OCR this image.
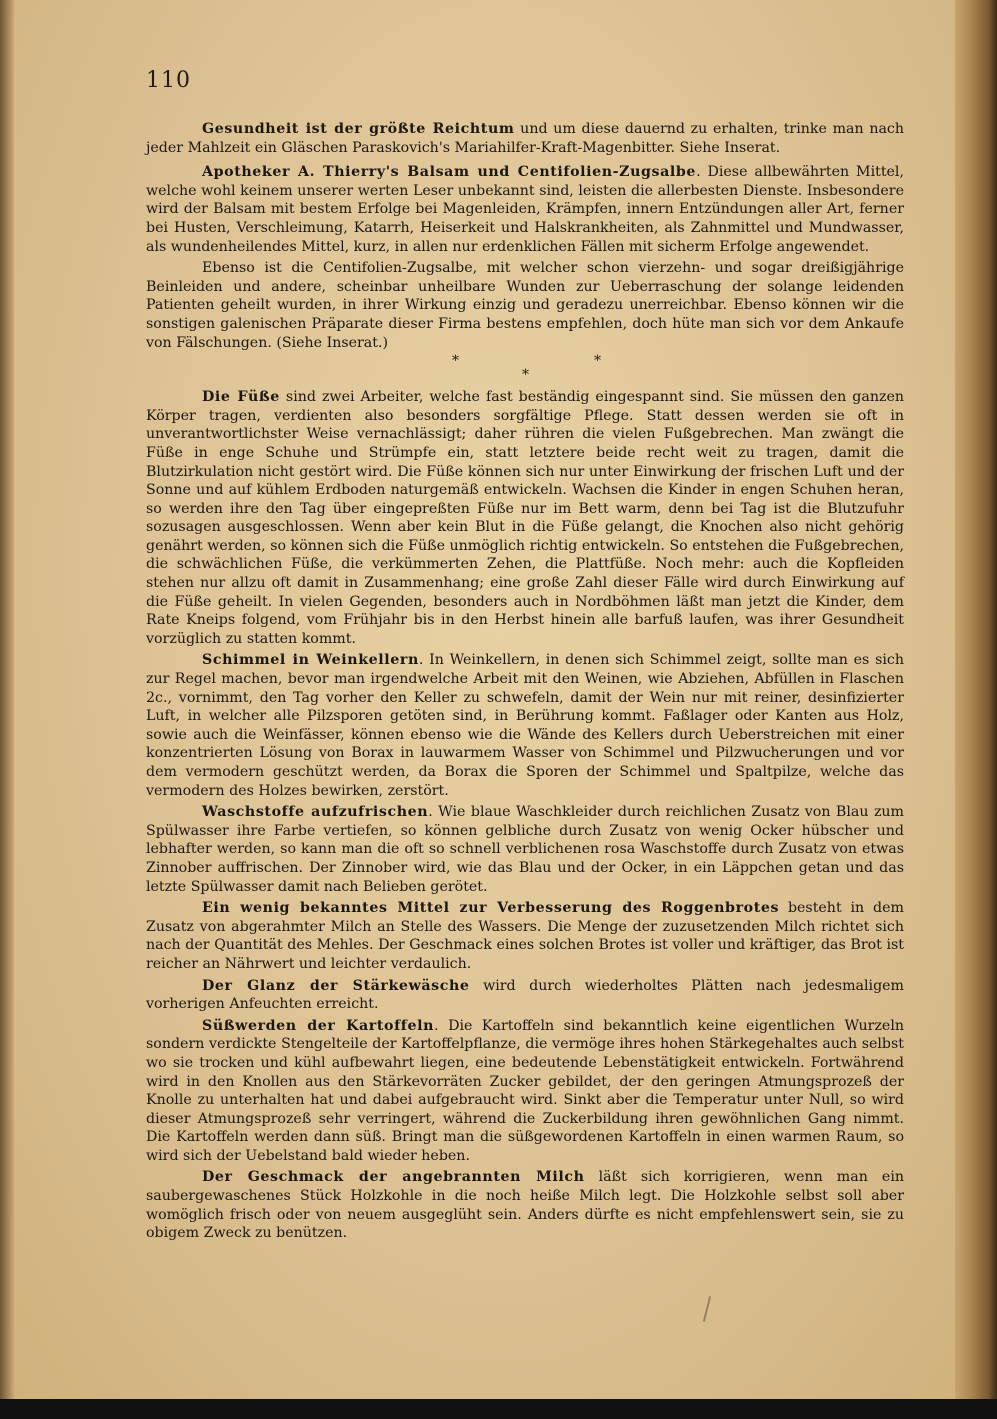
110

Gesundheit ist der größte Reichtum und um diese dauernd zu erhalten, trinke man nach jeder Mahlzeit ein Gläschen Paraskovich's Mariahilfer-Kraft-Magenbitter. Siehe Inserat.

Apotheker A. Thierry's Balsam und Centifolien-Zugsalbe. Diese allbewährten Mittel, welche wohl keinem unserer werten Leser unbekannt sind, leisten die allerbesten Dienste. Insbesondere wird der Balsam mit bestem Erfolge bei Magenleiden, Krämpfen, innern Entzündungen aller Art, ferner bei Husten, Verschleimung, Katarrh, Heiserkeit und Halskrankheiten, als Zahnmittel und Mundwasser, als wundenheilendes Mittel, kurz, in allen nur erdenklichen Fällen mit sicherm Erfolge angewendet.

Ebenso ist die Centifolien-Zugsalbe, mit welcher schon vierzehn- und sogar dreißigjährige Beinleiden und andere, scheinbar unheilbare Wunden zur Ueberraschung der solange leidenden Patienten geheilt wurden, in ihrer Wirkung einzig und geradezu unerreichbar. Ebenso können wir die sonstigen galenischen Präparate dieser Firma bestens empfehlen, doch hüte man sich vor dem Ankaufe von Fälschungen. (Siehe Inserat.)

*	*
*

Die Füße sind zwei Arbeiter, welche fast beständig eingespannt sind. Sie müssen den ganzen Körper tragen, verdienten also besonders sorgfältige Pflege. Statt dessen werden sie oft in unverantwortlichster Weise vernachlässigt; daher rühren die vielen Fußgebrechen. Man zwängt die Füße in enge Schuhe und Strümpfe ein, statt letztere beide recht weit zu tragen, damit die Blutzirkulation nicht gestört wird. Die Füße können sich nur unter Einwirkung der frischen Luft und der Sonne und auf kühlem Erdboden naturgemäß entwickeln. Wachsen die Kinder in engen Schuhen heran, so werden ihre den Tag über eingepreßten Füße nur im Bett warm, denn bei Tag ist die Blutzufuhr sozusagen ausgeschlossen. Wenn aber kein Blut in die Füße gelangt, die Knochen also nicht gehörig genährt werden, so können sich die Füße unmöglich richtig entwickeln. So entstehen die Fußgebrechen, die schwächlichen Füße, die verkümmerten Zehen, die Plattfüße. Noch mehr: auch die Kopfleiden stehen nur allzu oft damit in Zusammenhang; eine große Zahl dieser Fälle wird durch Einwirkung auf die Füße geheilt. In vielen Gegenden, besonders auch in Nordböhmen läßt man jetzt die Kinder, dem Rate Kneips folgend, vom Frühjahr bis in den Herbst hinein alle barfuß laufen, was ihrer Gesundheit vorzüglich zu statten kommt.

Schimmel in Weinkellern. In Weinkellern, in denen sich Schimmel zeigt, sollte man es sich zur Regel machen, bevor man irgendwelche Arbeit mit den Weinen, wie Abziehen, Abfüllen in Flaschen 2c., vornimmt, den Tag vorher den Keller zu schwefeln, damit der Wein nur mit reiner, desinfizierter Luft, in welcher alle Pilzsporen getöten sind, in Berührung kommt. Faßlager oder Kanten aus Holz, sowie auch die Weinfässer, können ebenso wie die Wände des Kellers durch Ueberstreichen mit einer konzentrierten Lösung von Borax in lauwarmem Wasser von Schimmel und Pilzwucherungen und vor dem vermodern geschützt werden, da Borax die Sporen der Schimmel und Spaltpilze, welche das vermodern des Holzes bewirken, zerstört.

Waschstoffe aufzufrischen. Wie blaue Waschkleider durch reichlichen Zusatz von Blau zum Spülwasser ihre Farbe vertiefen, so können gelbliche durch Zusatz von wenig Ocker hübscher und lebhafter werden, so kann man die oft so schnell verblichenen rosa Waschstoffe durch Zusatz von etwas Zinnober auffrischen. Der Zinnober wird, wie das Blau und der Ocker, in ein Läppchen getan und das letzte Spülwasser damit nach Belieben gerötet.

Ein wenig bekanntes Mittel zur Verbesserung des Roggenbrotes besteht in dem Zusatz von abgerahmter Milch an Stelle des Wassers. Die Menge der zuzusetzenden Milch richtet sich nach der Quantität des Mehles. Der Geschmack eines solchen Brotes ist voller und kräftiger, das Brot ist reicher an Nährwert und leichter verdaulich.

Der Glanz der Stärkewäsche wird durch wiederholtes Plätten nach jedesmaligem vorherigen Anfeuchten erreicht.

Süßwerden der Kartoffeln. Die Kartoffeln sind bekanntlich keine eigentlichen Wurzeln sondern verdickte Stengelteile der Kartoffelpflanze, die vermöge ihres hohen Stärkegehaltes auch selbst wo sie trocken und kühl aufbewahrt liegen, eine bedeutende Lebenstätigkeit entwickeln. Fortwährend wird in den Knollen aus den Stärkevorräten Zucker gebildet, der den geringen Atmungsprozeß der Knolle zu unterhalten hat und dabei aufgebraucht wird. Sinkt aber die Temperatur unter Null, so wird dieser Atmungsprozeß sehr verringert, während die Zuckerbildung ihren gewöhnlichen Gang nimmt. Die Kartoffeln werden dann süß. Bringt man die süßgewordenen Kartoffeln in einen warmen Raum, so wird sich der Uebelstand bald wieder heben.

Der Geschmack der angebrannten Milch läßt sich korrigieren, wenn man ein saubergewaschenes Stück Holzkohle in die noch heiße Milch legt. Die Holzkohle selbst soll aber womöglich frisch oder von neuem ausgeglüht sein. Anders dürfte es nicht empfehlenswert sein, sie zu obigem Zweck zu benützen.
